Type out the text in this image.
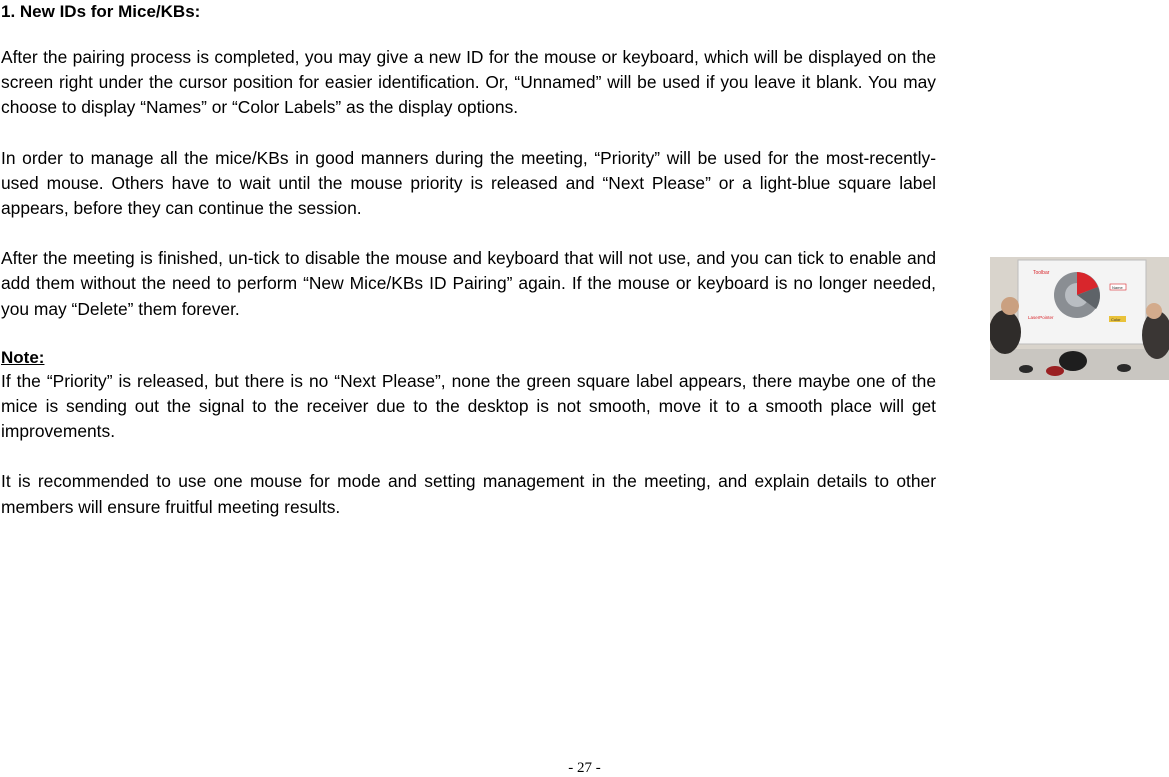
1. New IDs for Mice/KBs:

After the pairing process is completed, you may give a new ID for the mouse or keyboard, which will be displayed on the screen right under the cursor position for easier identification. Or, “Unnamed” will be used if you leave it blank. You may choose to display “Names” or “Color Labels” as the display options.

In order to manage all the mice/KBs in good manners during the meeting, “Priority” will be used for the most-recently-used mouse. Others have to wait until the mouse priority is released and “Next Please” or a light-blue square label appears, before they can continue the session.

After the meeting is finished, un-tick to disable the mouse and keyboard that will not use, and you can tick to enable and add them without the need to perform “New Mice/KBs ID Pairing” again. If the mouse or keyboard is no longer needed, you may “Delete” them forever.

Note:

If the “Priority” is released, but there is no “Next Please”, none the green square label appears, there maybe one of the mice is sending out the signal to the receiver due to the desktop is not smooth, move it to a smooth place will get improvements.

It is recommended to use one mouse for mode and setting management in the meeting, and explain details to other members will ensure fruitful meeting results.

Toolbar
LaserPointer
Name
Color
- 27 -
